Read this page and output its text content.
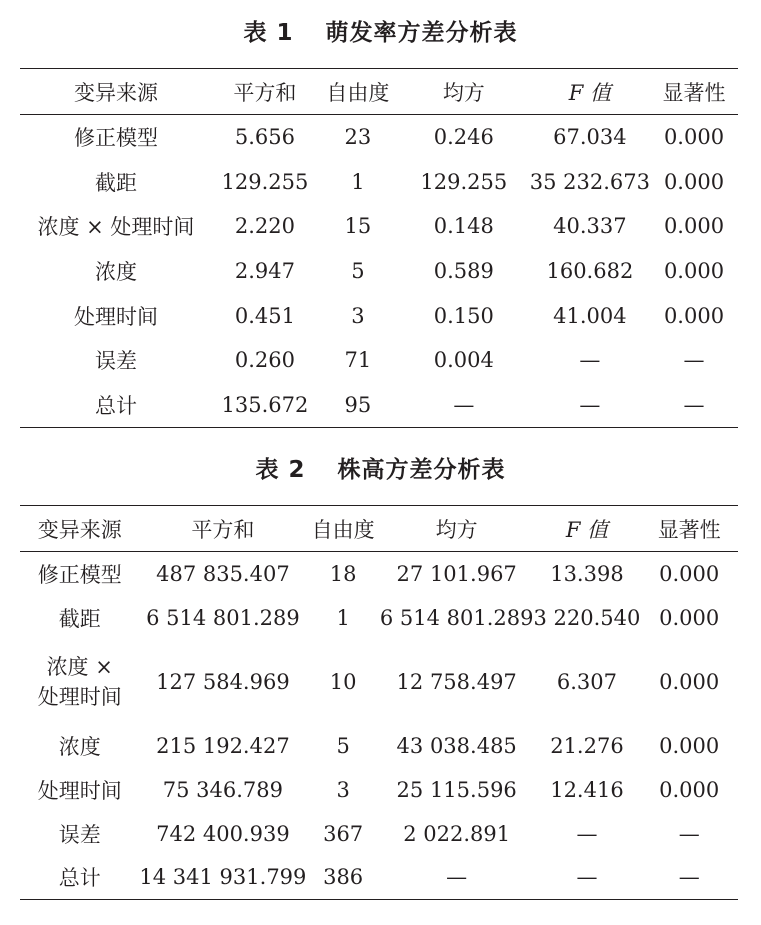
表 1 萌发率方差分析表
变异来源	平方和	自由度	均方	F 值	显著性
修正模型	5.656	23	0.246	67.034	0.000
截距	129.255	1	129.255	35 232.673	0.000
浓度 × 处理时间	2.220	15	0.148	40.337	0.000
浓度	2.947	5	0.589	160.682	0.000
处理时间	0.451	3	0.150	41.004	0.000
误差	0.260	71	0.004	—	—
总计	135.672	95	—	—	—
表 2 株高方差分析表
变异来源	平方和	自由度	均方	F 值	显著性
修正模型	487 835.407	18	27 101.967	13.398	0.000
截距	6 514 801.289	1	6 514 801.289	3 220.540	0.000
浓度 ×
处理时间	127 584.969	10	12 758.497	6.307	0.000
浓度	215 192.427	5	43 038.485	21.276	0.000
处理时间	75 346.789	3	25 115.596	12.416	0.000
误差	742 400.939	367	2 022.891	—	—
总计	14 341 931.799	386	—	—	—
